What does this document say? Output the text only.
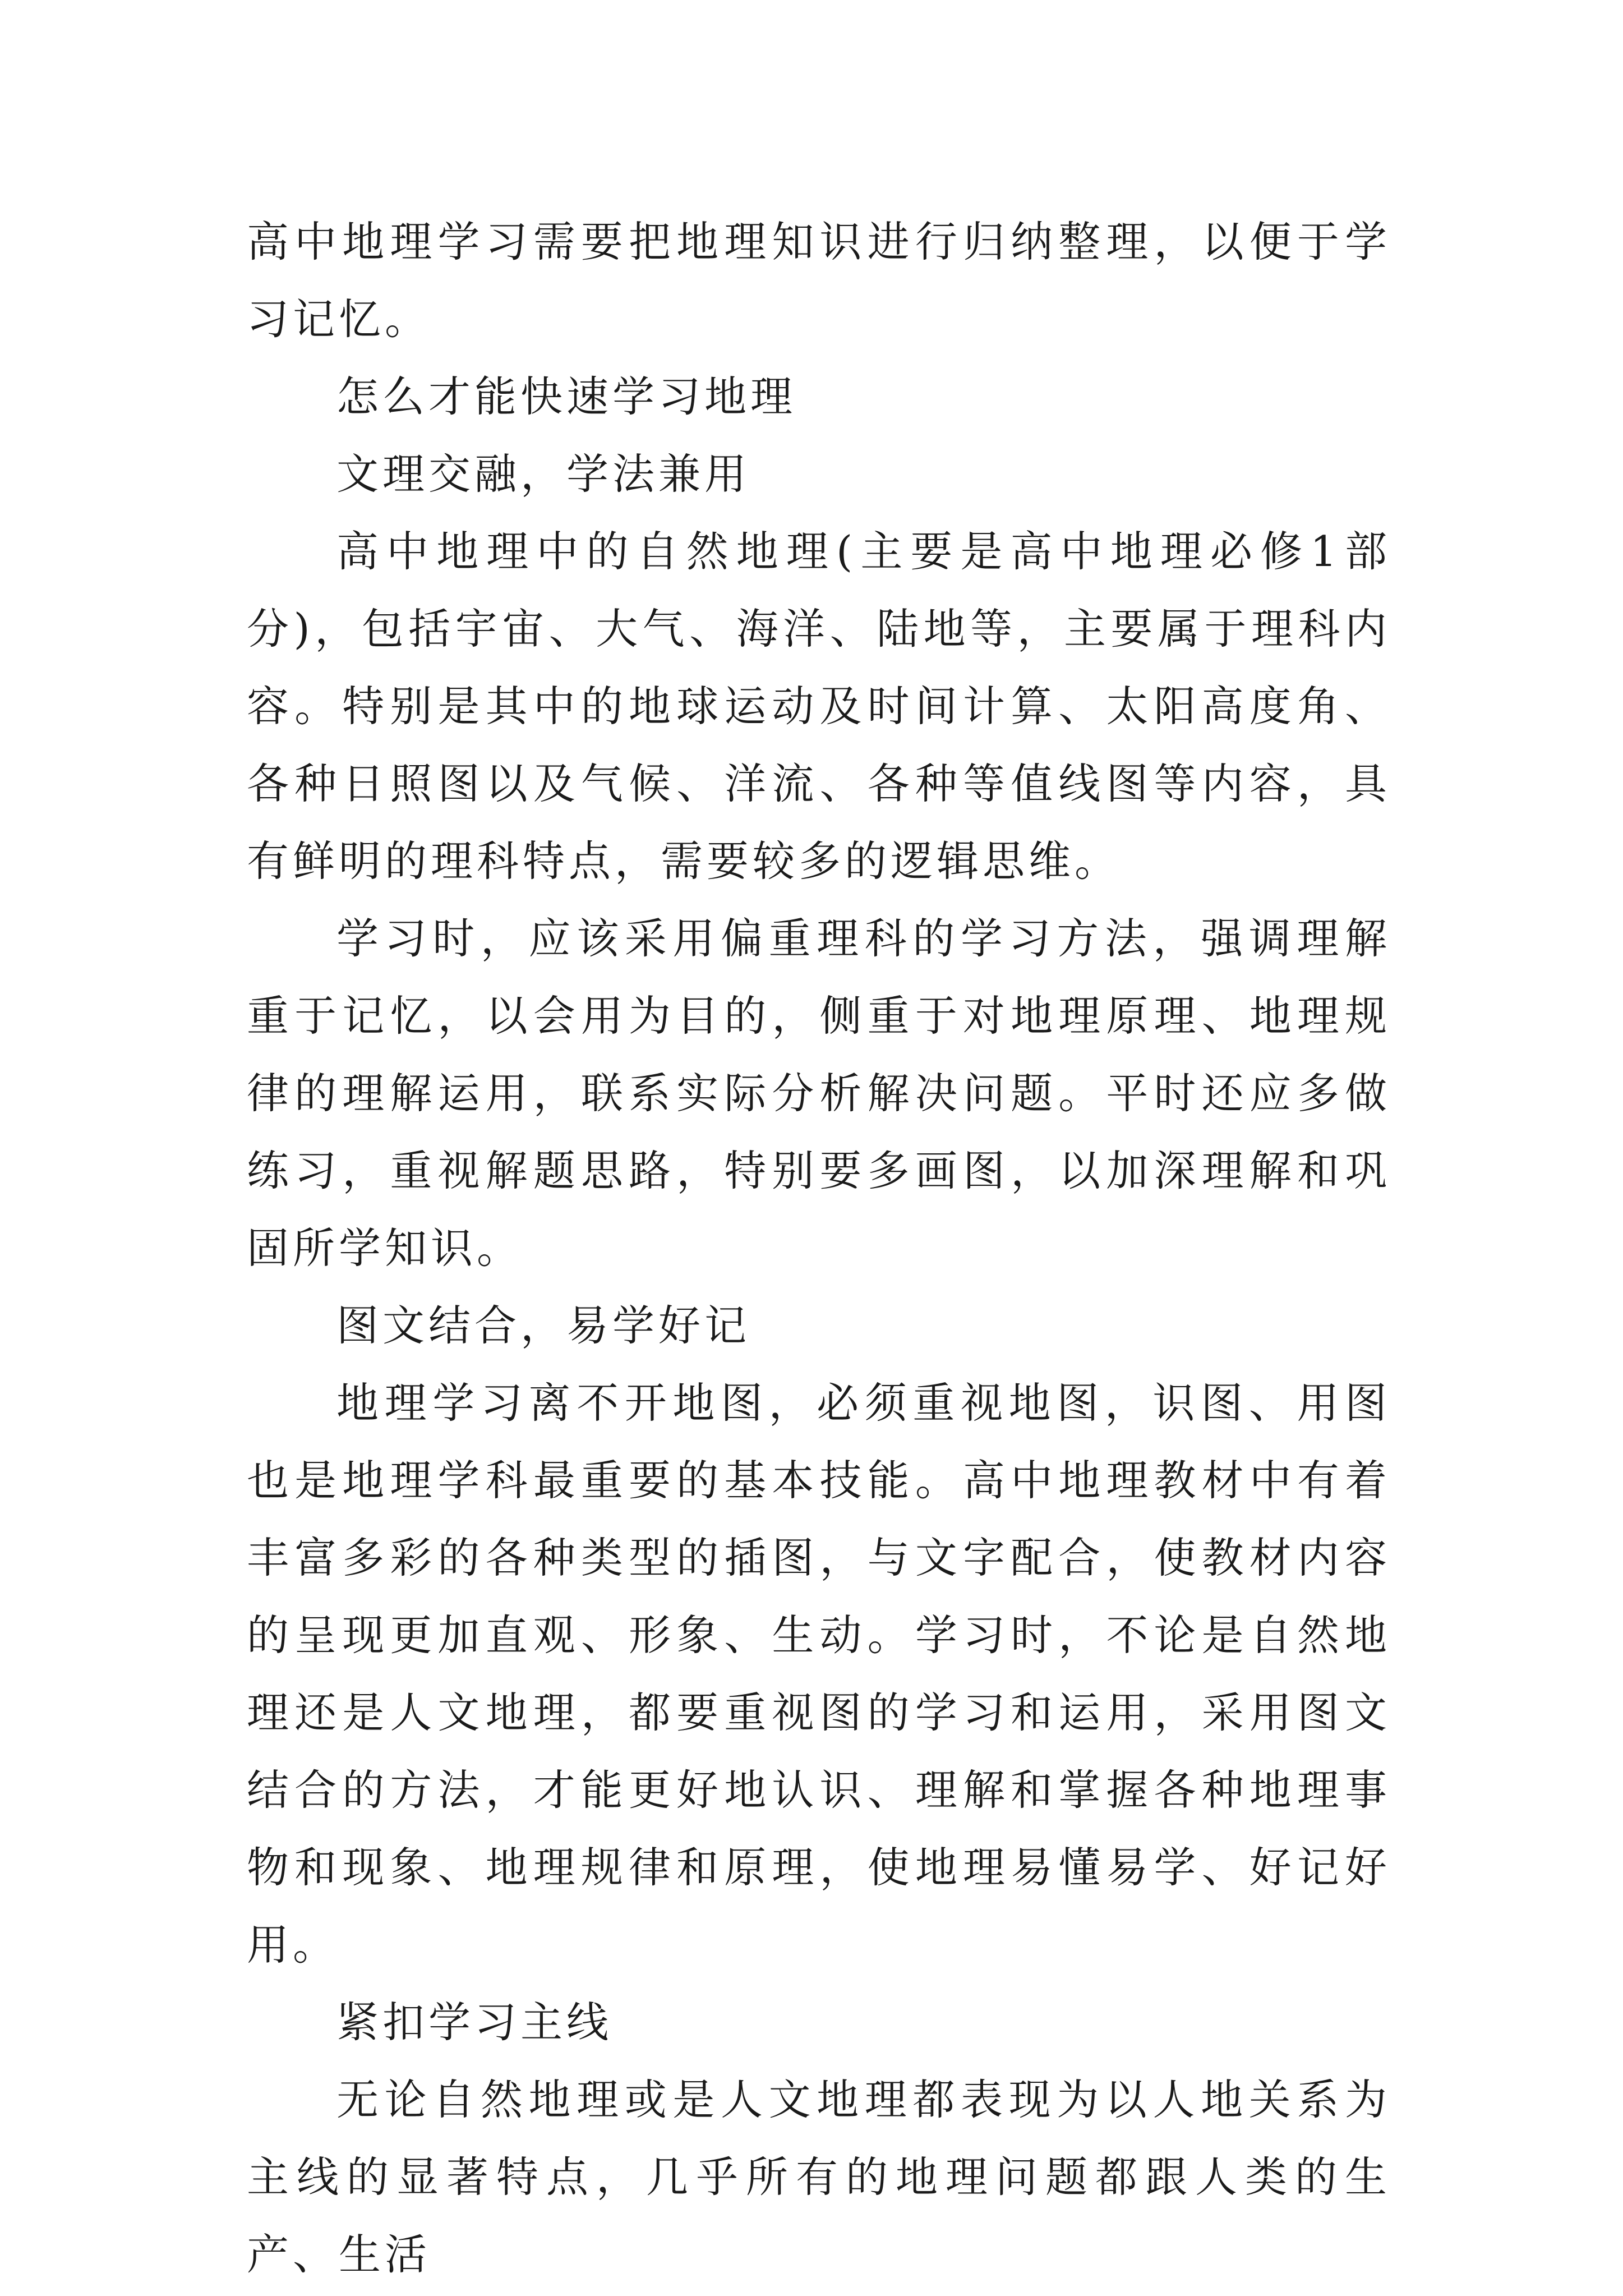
高中地理学习需要把地理知识进行归纳整理，以便于学习记忆。

怎么才能快速学习地理

文理交融，学法兼用

高中地理中的自然地理(主要是高中地理必修1部分)，包括宇宙、大气、海洋、陆地等，主要属于理科内容。特别是其中的地球运动及时间计算、太阳高度角、各种日照图以及气候、洋流、各种等值线图等内容，具有鲜明的理科特点，需要较多的逻辑思维。

学习时，应该采用偏重理科的学习方法，强调理解重于记忆，以会用为目的，侧重于对地理原理、地理规律的理解运用，联系实际分析解决问题。平时还应多做练习，重视解题思路，特别要多画图，以加深理解和巩固所学知识。

图文结合，易学好记

地理学习离不开地图，必须重视地图，识图、用图也是地理学科最重要的基本技能。高中地理教材中有着丰富多彩的各种类型的插图，与文字配合，使教材内容的呈现更加直观、形象、生动。学习时，不论是自然地理还是人文地理，都要重视图的学习和运用，采用图文结合的方法，才能更好地认识、理解和掌握各种地理事物和现象、地理规律和原理，使地理易懂易学、好记好用。

紧扣学习主线

无论自然地理或是人文地理都表现为以人地关系为主线的显著特点，几乎所有的地理问题都跟人类的生产、生活
